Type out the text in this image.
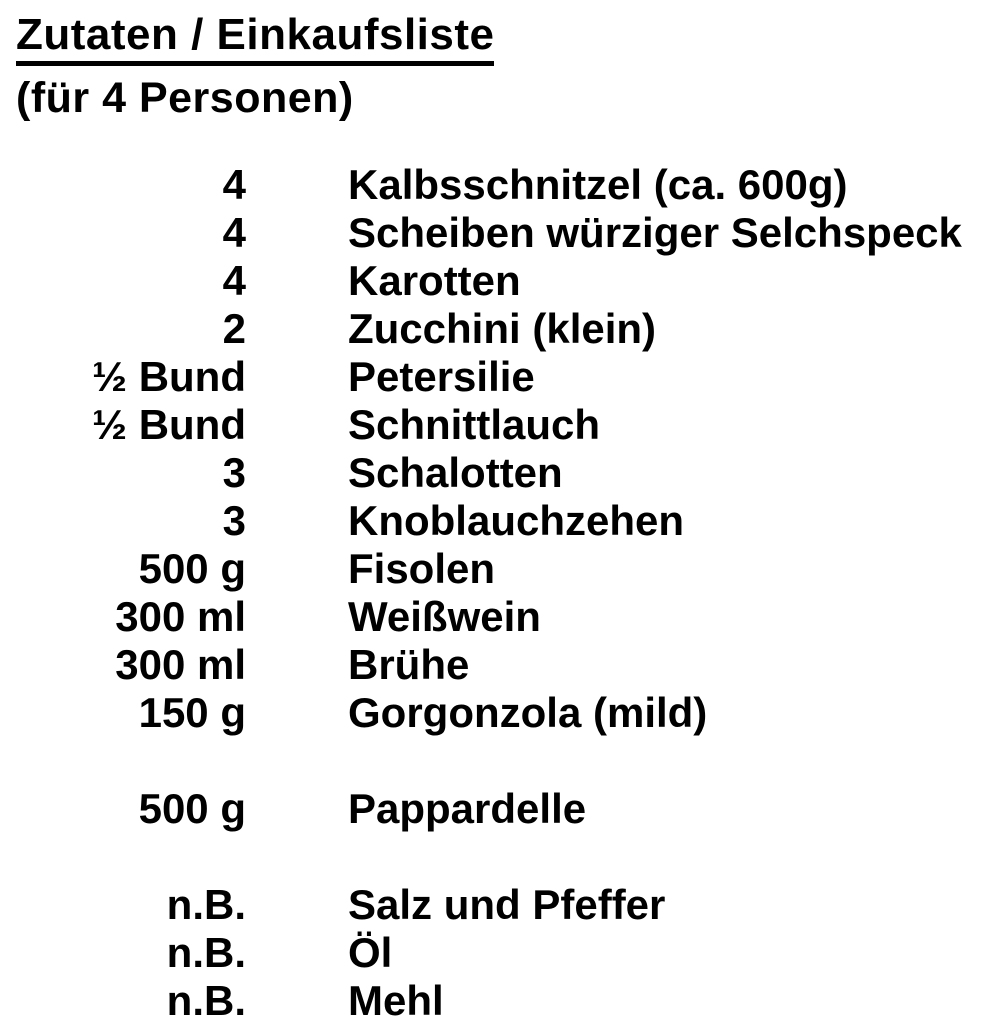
Zutaten / Einkaufsliste
(für 4 Personen)
4 Kalbsschnitzel (ca. 600g)
4 Scheiben würziger Selchspeck
4 Karotten
2 Zucchini (klein)
½ Bund Petersilie
½ Bund Schnittlauch
3 Schalotten
3 Knoblauchzehen
500 g Fisolen
300 ml Weißwein
300 ml Brühe
150 g Gorgonzola (mild)
500 g Pappardelle
n.B. Salz und Pfeffer
n.B. Öl
n.B. Mehl
